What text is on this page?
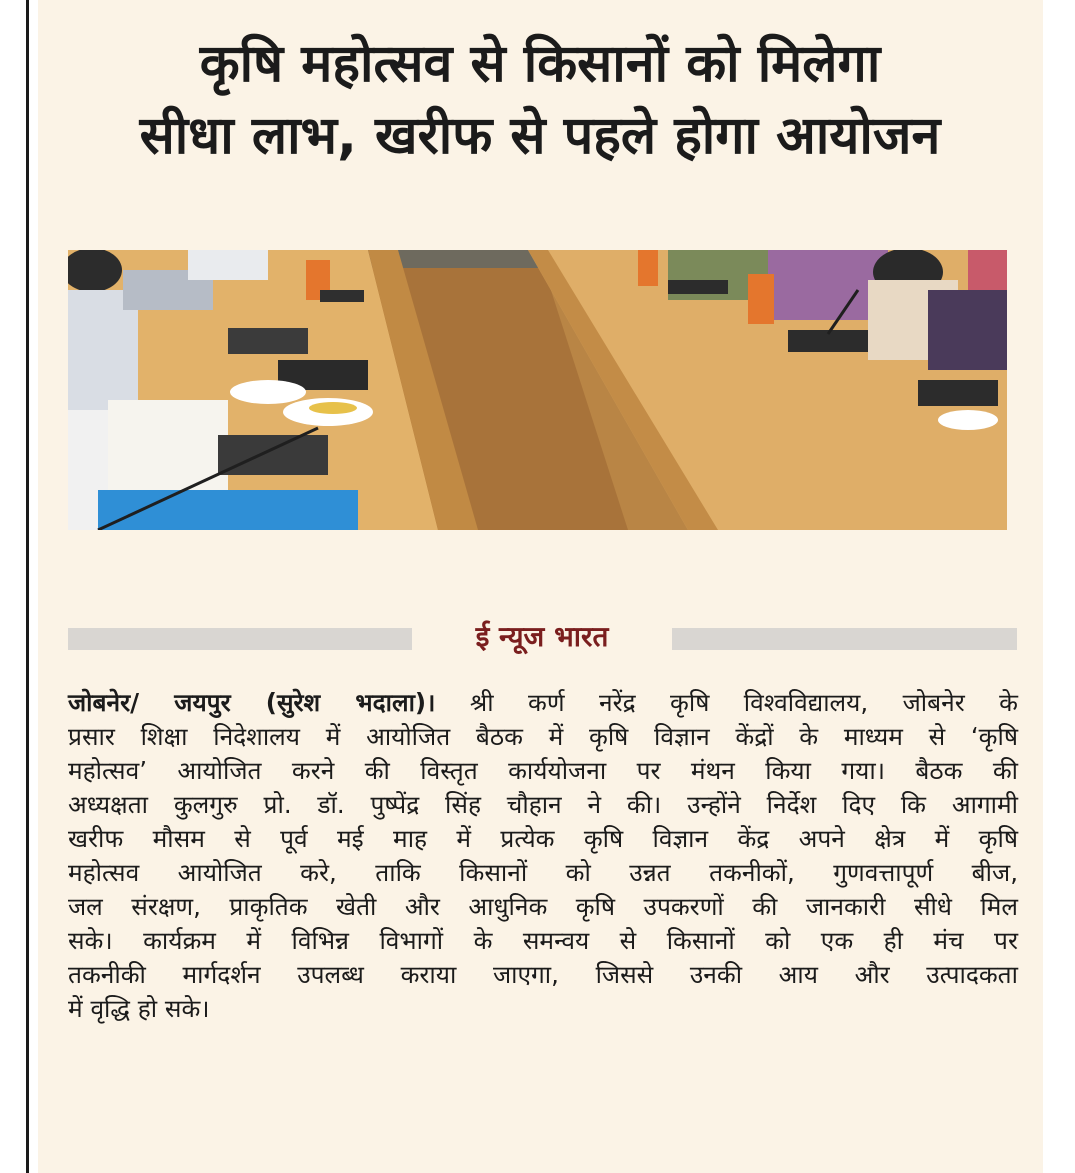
कृषि महोत्सव से किसानों को मिलेगा
सीधा लाभ, खरीफ से पहले होगा आयोजन
ई न्यूज भारत
जोबनेर/ जयपुर (सुरेश भदाला)। श्री कर्ण नरेंद्र कृषि विश्वविद्यालय, जोबनेर के
प्रसार शिक्षा निदेशालय में आयोजित बैठक में कृषि विज्ञान केंद्रों के माध्यम से ‘कृषि
महोत्सव’ आयोजित करने की विस्तृत कार्ययोजना पर मंथन किया गया। बैठक की
अध्यक्षता कुलगुरु प्रो. डॉ. पुष्पेंद्र सिंह चौहान ने की। उन्होंने निर्देश दिए कि आगामी
खरीफ मौसम से पूर्व मई माह में प्रत्येक कृषि विज्ञान केंद्र अपने क्षेत्र में कृषि
महोत्सव आयोजित करे, ताकि किसानों को उन्नत तकनीकों, गुणवत्तापूर्ण बीज,
जल संरक्षण, प्राकृतिक खेती और आधुनिक कृषि उपकरणों की जानकारी सीधे मिल
सके। कार्यक्रम में विभिन्न विभागों के समन्वय से किसानों को एक ही मंच पर
तकनीकी मार्गदर्शन उपलब्ध कराया जाएगा, जिससे उनकी आय और उत्पादकता
में वृद्धि हो सके।
